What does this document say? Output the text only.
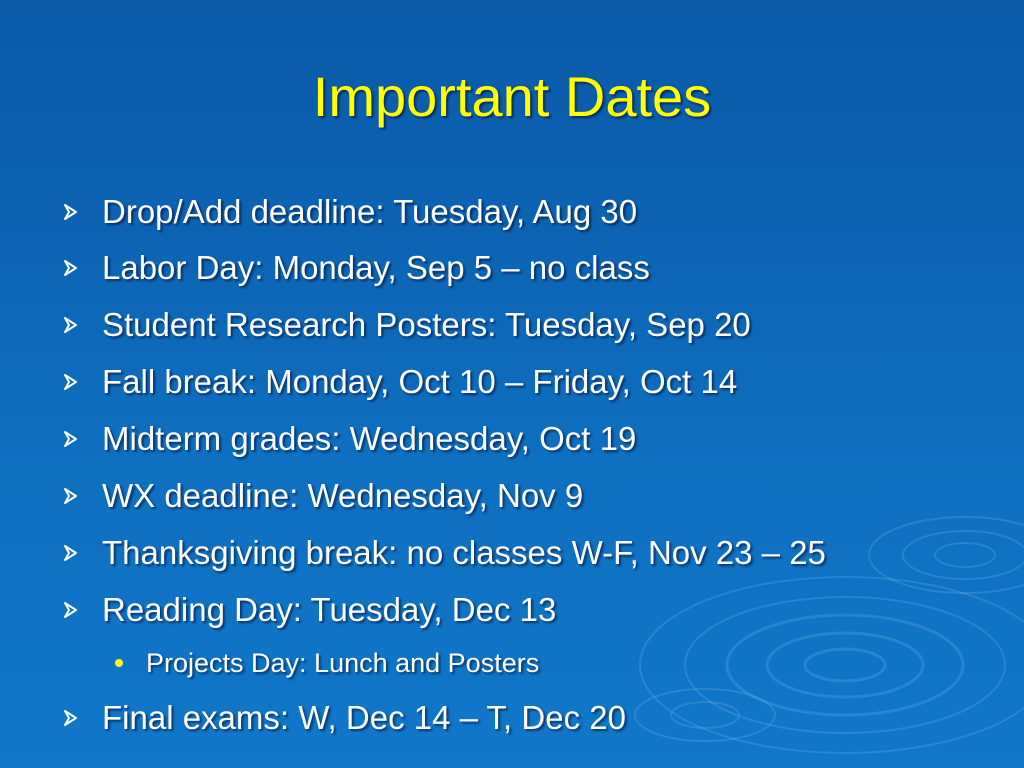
Important Dates
Drop/Add deadline: Tuesday, Aug 30
Labor Day: Monday, Sep 5 – no class
Student Research Posters: Tuesday, Sep 20
Fall break: Monday, Oct 10 – Friday, Oct 14
Midterm grades: Wednesday, Oct 19
WX deadline: Wednesday, Nov 9
Thanksgiving break: no classes W-F, Nov 23 – 25
Reading Day: Tuesday, Dec 13
Projects Day: Lunch and Posters
Final exams: W, Dec 14 – T, Dec 20
